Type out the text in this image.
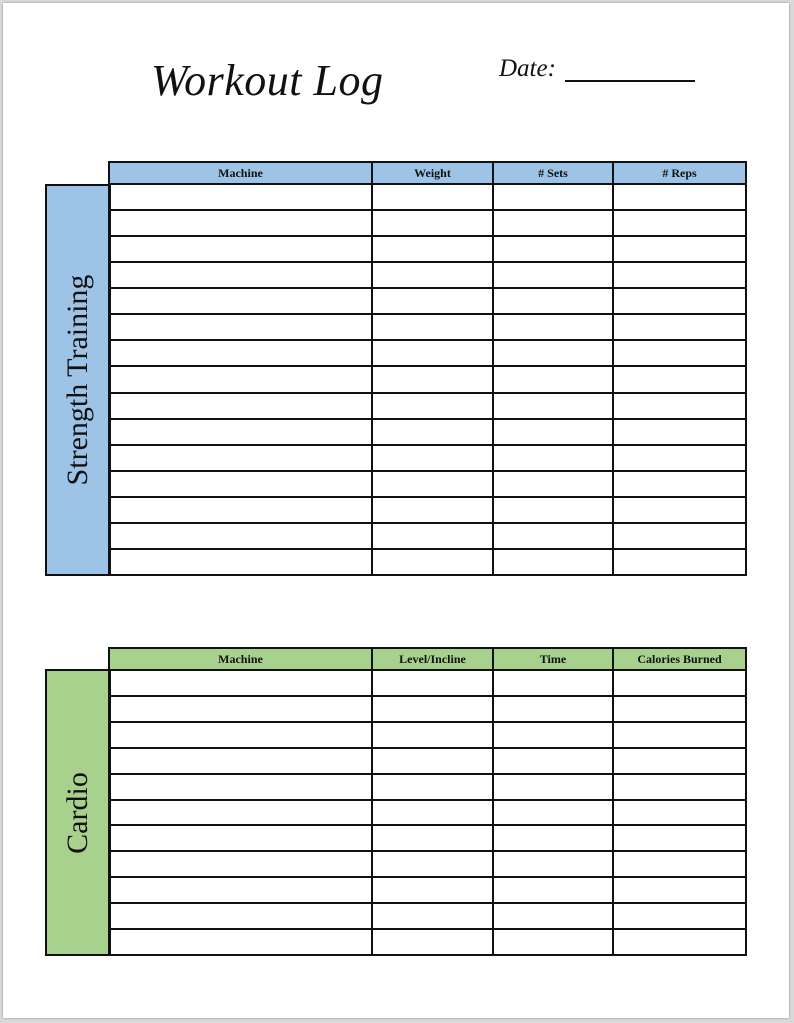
Workout Log	Date:
Strength Training
Machine	Weight	# Sets	# Reps

Cardio
Machine	Level/Incline	Time	Calories Burned
